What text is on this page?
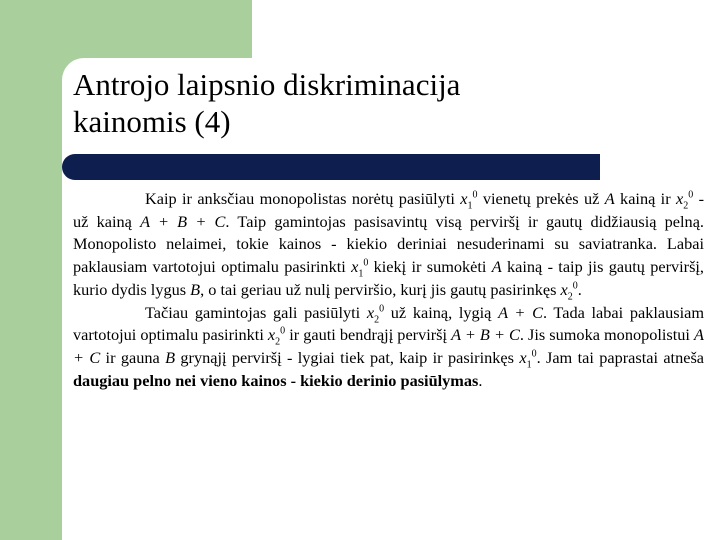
Antrojo laipsnio diskriminacija
kainomis (4)

Kaip ir anksčiau monopolistas norėtų pasiūlyti $x_1^0$ vienetų prekės už A kainą ir $x_2^0$ - už kainą A + B + C. Taip gamintojas pasisavintų visą perviršį ir gautų didžiausią pelną. Monopolisto nelaimei, tokie kainos - kiekio deriniai nesuderinami su saviatranka. Labai paklausiam vartotojui optimalu pasirinkti $x_1^0$ kiekį ir sumokėti A kainą - taip jis gautų perviršį, kurio dydis lygus B, o tai geriau už nulį perviršio, kurį jis gautų pasirinkęs $x_2^0$.

Tačiau gamintojas gali pasiūlyti $x_2^0$ už kainą, lygią A + C. Tada labai paklausiam vartotojui optimalu pasirinkti $x_2^0$ ir gauti bendrąjį perviršį A + B + C. Jis sumoka monopolistui A + C ir gauna B grynąjį perviršį - lygiai tiek pat, kaip ir pasirinkęs $x_1^0$. Jam tai paprastai atneša daugiau pelno nei vieno kainos - kiekio derinio pasiūlymas.
